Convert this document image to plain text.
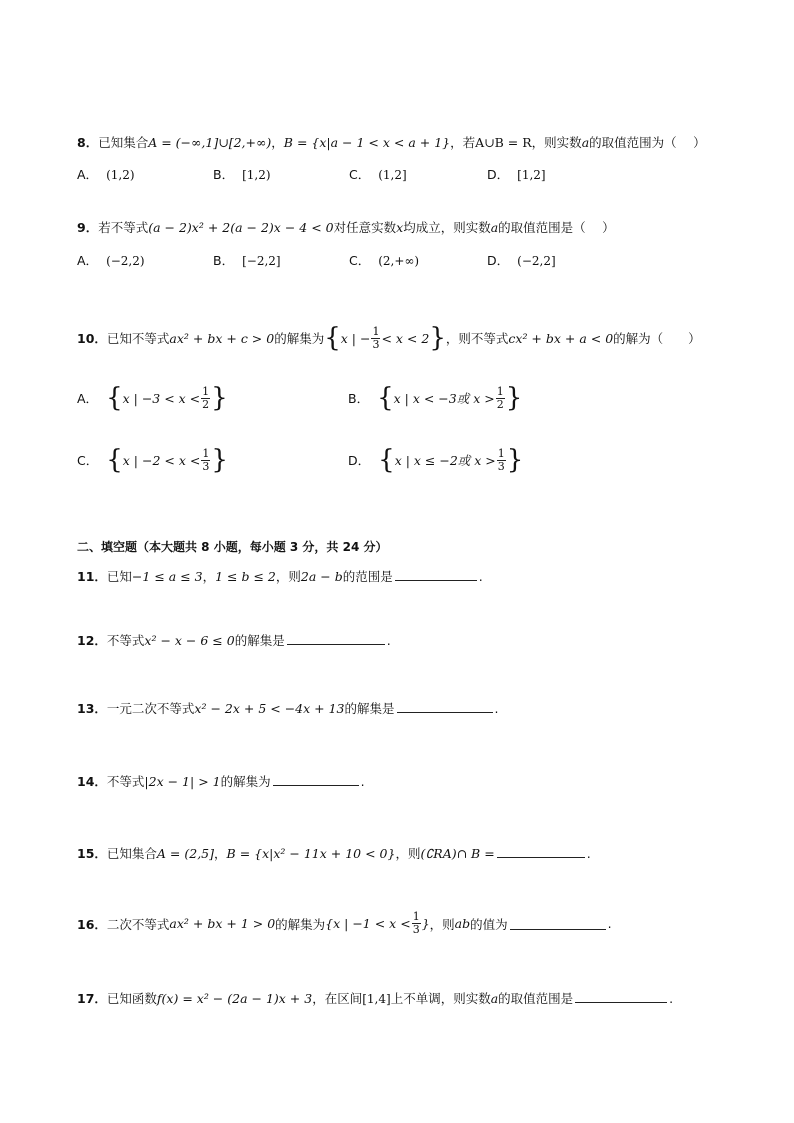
8．已知集合A = (−∞,1]∪[2,+∞)，B = {x|a − 1 < x < a + 1}，若A∪B = R，则实数a的取值范围为（　 ）
A． (1,2)	B． [1,2)	C． (1,2]	D． [1,2]
9．若不等式(a − 2)x² + 2(a − 2)x − 4 < 0对任意实数x均成立，则实数a的取值范围是（　 ）
A． (−2,2)	B． [−2,2]	C． (2,+∞)	D． (−2,2]
10． 已知不等式 ax² + bx + c > 0 的解集为 { x | − $\frac{1}{3} < x < 2$ } ，则不等式 cx² + bx + a < 0 的解为（　　）
A． { x | $-3 < x < \frac{1}{2}$ }	B． { x | x < −3或 $x > \frac{1}{2}$ }
C． { x | $-2 < x < \frac{1}{3}$ }	D． { x | x ≤ −2或 $x > \frac{1}{3}$ }
二、填空题（本大题共 8 小题，每小题 3 分，共 24 分）
11．已知−1 ≤ a ≤ 3，1 ≤ b ≤ 2，则2a − b的范围是	.
12．不等式x² − x − 6 ≤ 0的解集是	.
13．一元二次不等式x² − 2x + 5 < −4x + 13的解集是	.
14．不等式|2x − 1| > 1的解集为	.
15．已知集合A = (2,5]，B = {x|x² − 11x + 10 < 0}，则(∁RA)∩ B =	.
16． 二次不等式 ax² + bx + 1 > 0 的解集为 {x | $-1 < x < \frac{1}{3}$ } ，则 ab 的值为	.
17．已知函数f(x) = x² − (2a − 1)x + 3，在区间[1,4]上不单调，则实数a的取值范围是	.
